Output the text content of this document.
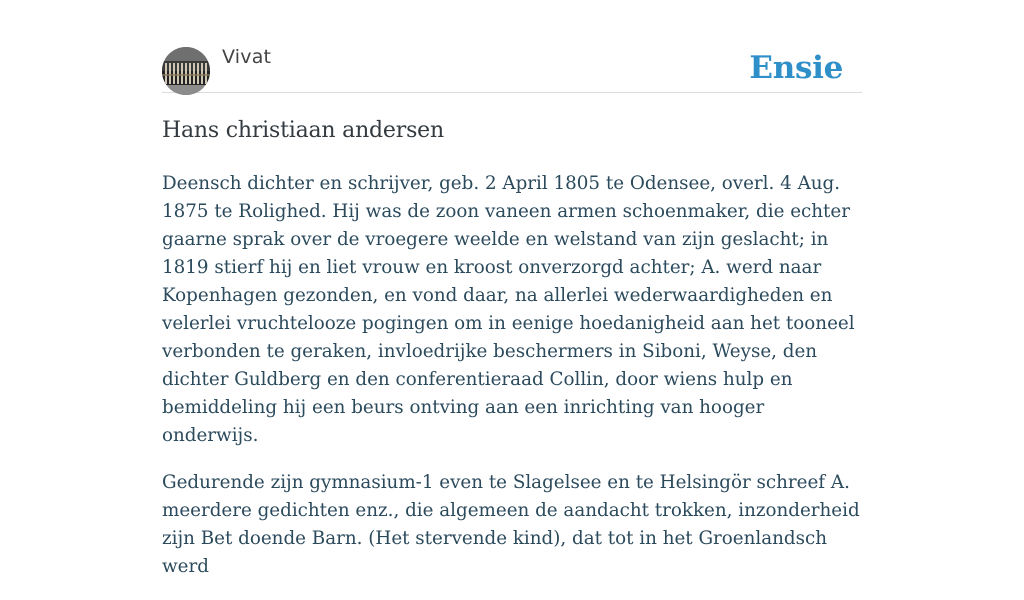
Vivat	Ensie
Hans christiaan andersen

Deensch dichter en schrijver, geb. 2 April 1805 te Odensee, overl. 4 Aug. 1875 te Rolighed. Hij was de zoon vaneen armen schoenmaker, die echter gaarne sprak over de vroegere weelde en welstand van zijn geslacht; in 1819 stierf hij en liet vrouw en kroost onverzorgd achter; A. werd naar Kopenhagen gezonden, en vond daar, na allerlei wederwaardigheden en velerlei vruchtelooze pogingen om in eenige hoedanigheid aan het tooneel verbonden te geraken, invloedrijke beschermers in Siboni, Weyse, den dichter Guldberg en den conferentieraad Collin, door wiens hulp en bemiddeling hij een beurs ontving aan een inrichting van hooger onderwijs.

Gedurende zijn gymnasium-1 even te Slagelsee en te Helsingör schreef A. meerdere gedichten enz., die algemeen de aandacht trokken, inzonderheid zijn Bet doende Barn. (Het stervende kind), dat tot in het Groenlandsch werd
